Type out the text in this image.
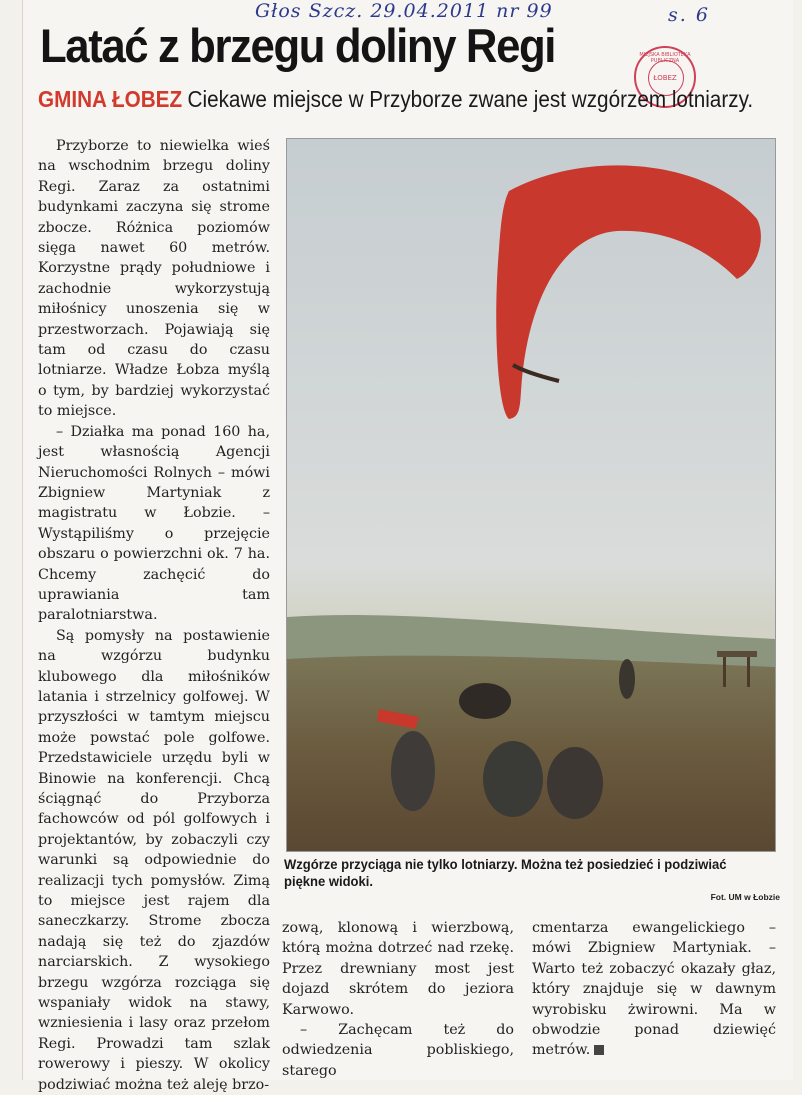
Głos Szcz. 29.04.2011 nr 99	s. 6
Latać z brzegu doliny Regi	MIEJSKA BIBLIOTEKA PUBLICZNA
ŁOBEZ
GMINA ŁOBEZ Ciekawe miejsce w Przyborze zwane jest wzgórzem lotniarzy.

Przyborze to niewielka wieś na wschodnim brzegu doliny Regi. Zaraz za ostatnimi budynkami zaczyna się strome zbocze. Różnica poziomów sięga nawet 60 metrów. Korzystne prądy południowe i zachodnie wykorzystują miłośnicy unoszenia się w przestworzach. Pojawiają się tam od czasu do czasu lotniarze. Władze Łobza myślą o tym, by bardziej wykorzystać to miejsce.

– Działka ma ponad 160 ha, jest własnością Agencji Nieruchomości Rolnych – mówi Zbigniew Martyniak z magistratu w Łobzie. – Wystąpiliśmy o przejęcie obszaru o powierzchni ok. 7 ha. Chcemy zachęcić do uprawiania tam paralotniarstwa.

Są pomysły na postawienie na wzgórzu budynku klubowego dla miłośników latania i strzelnicy golfowej. W przyszłości w tamtym miejscu może powstać pole golfowe. Przedstawiciele urzędu byli w Binowie na konferencji. Chcą ściągnąć do Przyborza fachowców od pól golfowych i projektantów, by zobaczyli czy warunki są odpowiednie do realizacji tych pomysłów. Zimą to miejsce jest rajem dla saneczkarzy. Strome zbocza nadają się też do zjazdów narciarskich. Z wysokiego brzegu wzgórza rozciąga się wspaniały widok na stawy, wzniesienia i lasy oraz przełom Regi. Prowadzi tam szlak rowerowy i pieszy. W okolicy podziwiać można też aleję brzo-

Wzgórze przyciąga nie tylko lotniarzy. Można też posiedzieć i podziwiać piękne widoki.
Fot. UM w Łobzie

zową, klonową i wierzbową, którą można dotrzeć nad rzekę. Przez drewniany most jest dojazd skrótem do jeziora Karwowo.

– Zachęcam też do odwiedzenia pobliskiego, starego

cmentarza ewangelickiego – mówi Zbigniew Martyniak. – Warto też zobaczyć okazały głaz, który znajduje się w dawnym wyrobisku żwirowni. Ma w obwodzie ponad dziewięć metrów.
